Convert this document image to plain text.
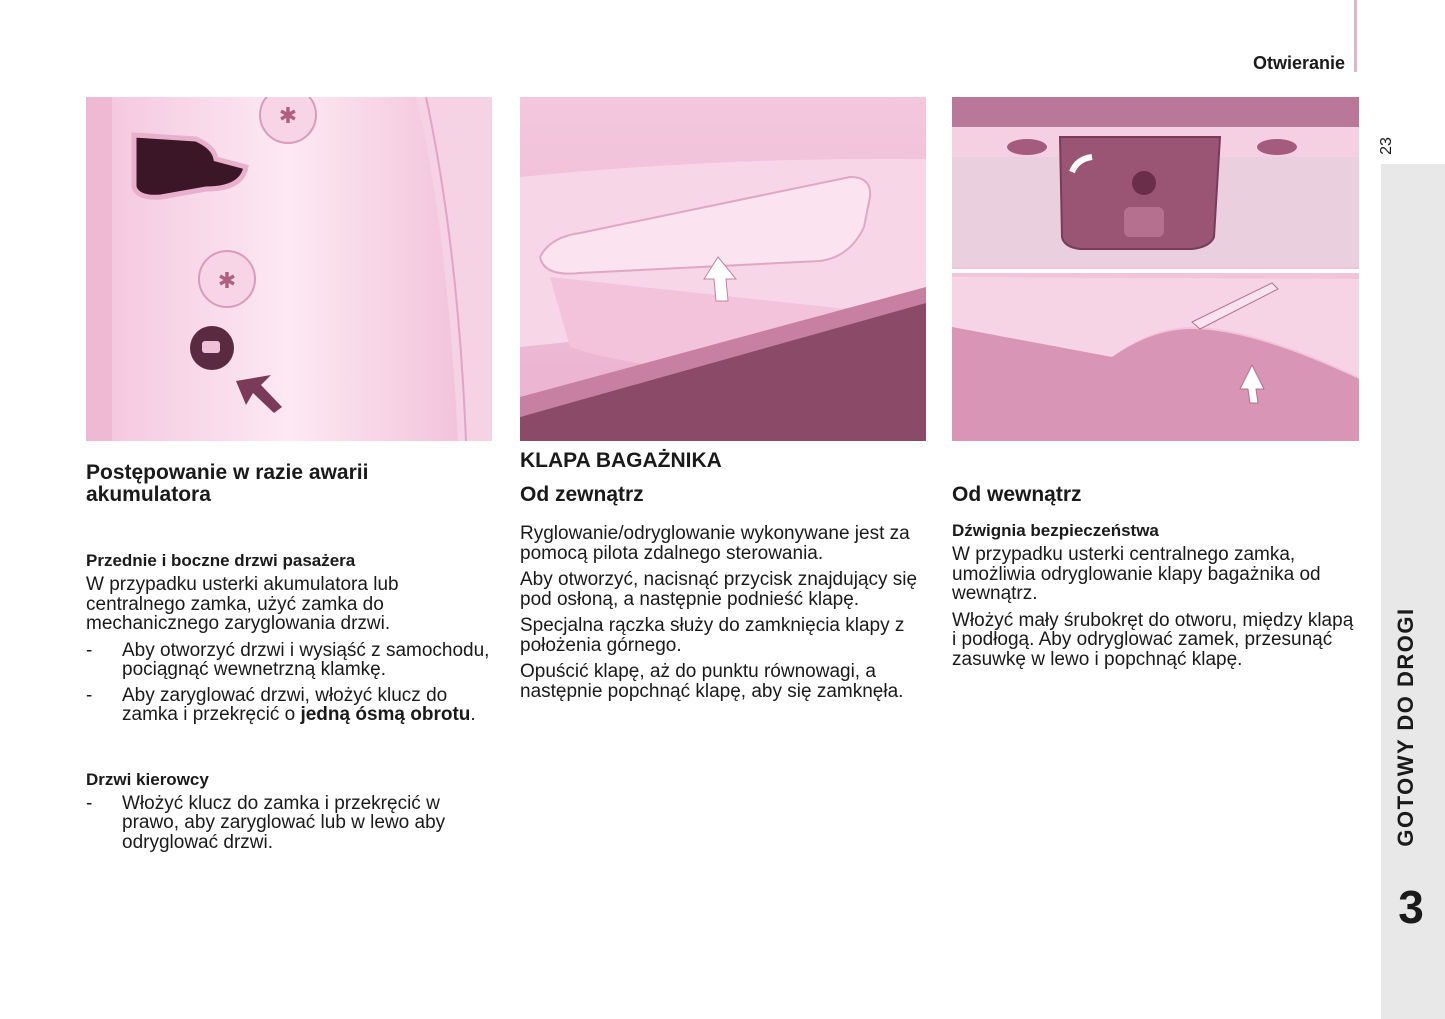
Otwieranie
23
GOTOWY DO DROGI
3
✱
✱
Postępowanie w razie awarii akumulatora
Przednie i boczne drzwi pasażera

W przypadku usterki akumulatora lub centralnego zamka, użyć zamka do mechanicznego zaryglowania drzwi.

- Aby otworzyć drzwi i wysiąść z samochodu, pociągnąć wewnetrzną klamkę.
- Aby zaryglować drzwi, włożyć klucz do zamka i przekręcić o jedną ósmą obrotu.
Drzwi kierowcy
- Włożyć klucz do zamka i przekręcić w prawo, aby zaryglować lub w lewo aby odryglować drzwi.
KLAPA BAGAŻNIKA
Od zewnątrz

Ryglowanie/odryglowanie wykonywane jest za pomocą pilota zdalnego sterowania.

Aby otworzyć, nacisnąć przycisk znajdujący się pod osłoną, a następnie podnieść klapę.

Specjalna rączka służy do zamknięcia klapy z położenia górnego.

Opuścić klapę, aż do punktu równowagi, a następnie popchnąć klapę, aby się zamknęła.

Od wewnątrz
Dźwignia bezpieczeństwa

W przypadku usterki centralnego zamka, umożliwia odryglowanie klapy bagażnika od wewnątrz.

Włożyć mały śrubokręt do otworu, między klapą i podłogą. Aby odryglować zamek, przesunąć zasuwkę w lewo i popchnąć klapę.
